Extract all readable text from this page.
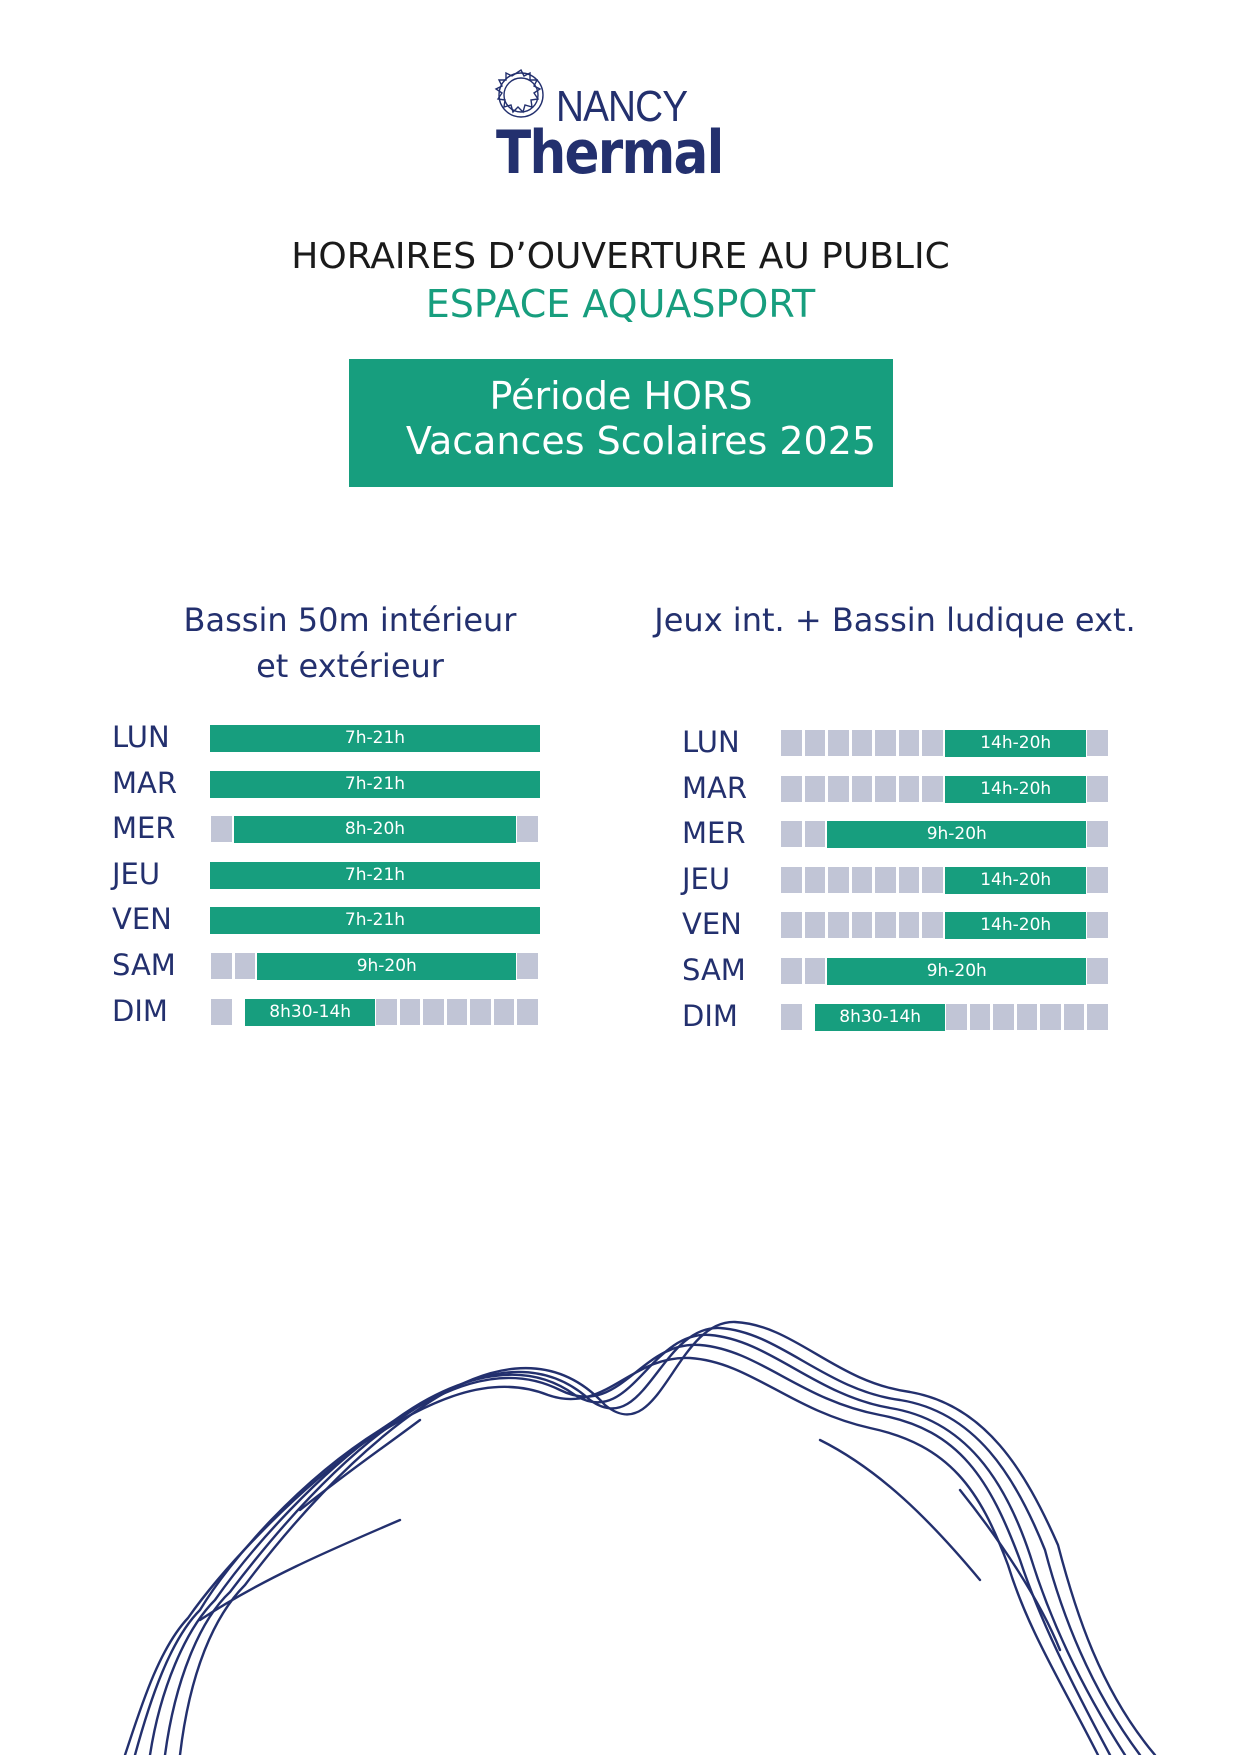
NANCY
Thermal
HORAIRES D’OUVERTURE AU PUBLIC
ESPACE AQUASPORT
Période HORS
Vacances Scolaires 2025
Bassin 50m intérieur
et extérieur
Jeux int. + Bassin ludique ext.
LUN	7h-21h
MAR	7h-21h
MER	8h-20h
JEU	7h-21h
VEN	7h-21h
SAM	9h-20h
DIM	8h30-14h
LUN	14h-20h
MAR	14h-20h
MER	9h-20h
JEU	14h-20h
VEN	14h-20h
SAM	9h-20h
DIM	8h30-14h
